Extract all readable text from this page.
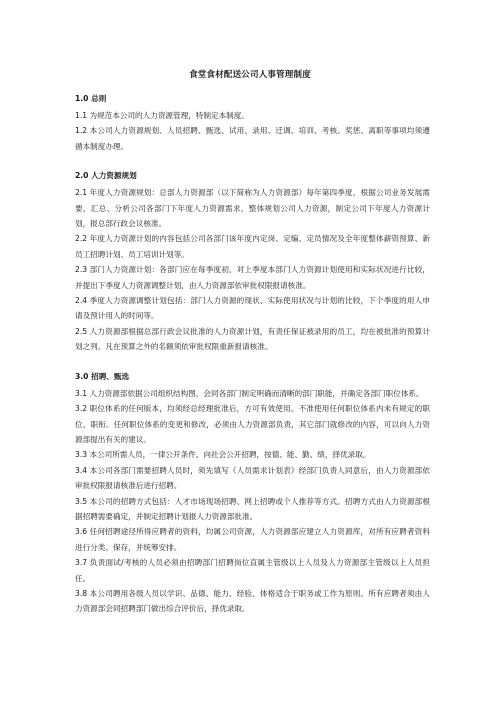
食堂食材配送公司人事管理制度
1.0 总则

1.1 为规范本公司的人力资源管理，特制定本制度。

1.2 本公司人力资源规划、人员招聘、甄选、试用、录用、迁调、培训、考核、奖惩、离职等事项均须遵循本制度办理。

2.0 人力资源规划

2.1 年度人力资源规划：总部人力资源部（以下简称为人力资源部）每年第四季度，根据公司业务发展需要，汇总、分析公司各部门下年度人力资源需求，整体规划公司人力资源，制定公司下年度人力资源计划，报总部行政会议核准。

2.2 年度人力资源计划的内容包括公司各部门该年度内定岗、定编、定员情况及全年度整体薪资预算、新员工招聘计划、员工培训计划等。

2.3 部门人力资源计划：各部门应在每季度初，对上季度本部门人力资源计划使用和实际状况进行比较，并提出下季度人力资源调整计划，由人力资源部依审批权限报请核准。

2.4 季度人力资源调整计划包括：部门人力资源的现状、实际使用状况与计划的比较，下个季度的用人申请及预计用人的时间等。

2.5 人力资源部根据总部行政会议批准的人力资源计划，有责任保证被录用的员工，均在被批准的预算计划之列。凡在预算之外的名额须依审批权限重新报请核准。

3.0 招聘、甄选

3.1 人力资源部依据公司组织结构图，会同各部门制定明确而清晰的部门职能，并确定各部门职位体系。

3.2 职位体系的任何版本，均须经总经理批准后，方可有效使用。不准使用任何职位体系内未有规定的职位、职衔。任何职位体系的变更和修改，必须由人力资源部负责，其它部门就修改的内容，可以向人力资源部提出有关的建议。

3.3 本公司所需人员，一律公开条件、向社会公开招聘，按德、能、勤、绩，择优录取。

3.4 本公司各部门需要招聘人员时，须先填写《人员需求计划表》经部门负责人同意后，由人力资源部依审批权限报请核准后进行招聘。

3.5 本公司的招聘方式包括：人才市场现场招聘、网上招聘或个人推荐等方式。招聘方式由人力资源部根据招聘需要确定，并制定招聘计划报人力资源部批准。

3.6 任何招聘途径所得应聘者的资料，均属公司资源，人力资源部应建立人力资源库，对所有应聘者资料进行分类、保存，并统筹安排。

3.7 负责面试/考核的人员必须由招聘部门招聘岗位直属主管级以上人员及人力资源部主管级以上人员担任。

3.8 本公司聘用各级人员以学识、品德、能力、经验、体格适合于职务或工作为原则。所有应聘者须由人力资源部会同招聘部门做出综合评价后，择优录取。
